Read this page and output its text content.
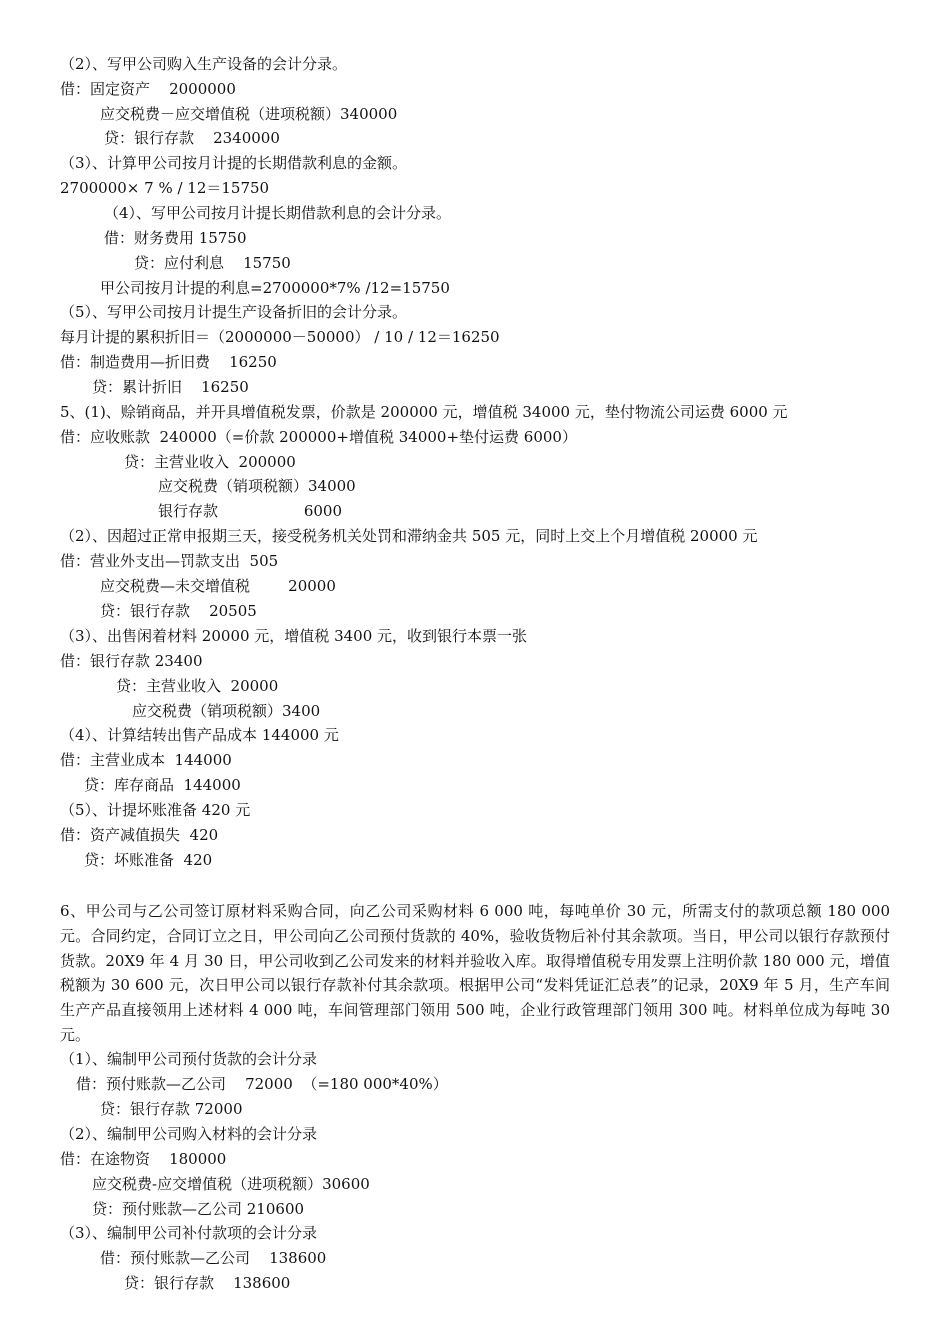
（2）、写甲公司购入生产设备的会计分录。
借：固定资产    2000000
应交税费－应交增值税（进项税额）340000
贷：银行存款    2340000
（3）、计算甲公司按月计提的长期借款利息的金额。
2700000× 7 % / 12＝15750
（4）、写甲公司按月计提长期借款利息的会计分录。
借：财务费用 15750
贷：应付利息    15750
甲公司按月计提的利息=2700000*7% /12=15750
（5）、写甲公司按月计提生产设备折旧的会计分录。
每月计提的累积折旧＝（2000000－50000） / 10 / 12＝16250
借：制造费用—折旧费    16250
贷：累计折旧    16250
5、(1)、赊销商品，并开具增值税发票，价款是 200000 元，增值税 34000 元，垫付物流公司运费 6000 元
借：应收账款  240000（=价款 200000+增值税 34000+垫付运费 6000）
贷：主营业收入  200000
应交税费（销项税额）34000
银行存款                  6000
（2）、因超过正常申报期三天，接受税务机关处罚和滞纳金共 505 元，同时上交上个月增值税 20000 元
借：营业外支出—罚款支出  505
应交税费—未交增值税        20000
贷：银行存款    20505
（3）、出售闲着材料 20000 元，增值税 3400 元，收到银行本票一张
借：银行存款 23400
贷：主营业收入  20000
应交税费（销项税额）3400
（4）、计算结转出售产品成本 144000 元
借：主营业成本  144000
贷：库存商品  144000
（5）、计提坏账准备 420 元
借：资产减值损失  420
贷：坏账准备  420
6、甲公司与乙公司签订原材料采购合同，向乙公司采购材料 6 000 吨，每吨单价 30 元，所需支付的款项总额 180 000 元。合同约定，合同订立之日，甲公司向乙公司预付货款的 40%，验收货物后补付其余款项。当日，甲公司以银行存款预付货款。20X9 年 4 月 30 日，甲公司收到乙公司发来的材料并验收入库。取得增值税专用发票上注明价款 180 000 元，增值税额为 30 600 元，次日甲公司以银行存款补付其余款项。根据甲公司“发料凭证汇总表”的记录，20X9 年 5 月，生产车间生产产品直接领用上述材料 4 000 吨，车间管理部门领用 500 吨，企业行政管理部门领用 300 吨。材料单位成为每吨 30 元。
（1）、编制甲公司预付货款的会计分录
借：预付账款—乙公司    72000  （=180 000*40%）
贷：银行存款 72000
（2）、编制甲公司购入材料的会计分录
借：在途物资    180000
应交税费-应交增值税（进项税额）30600
贷：预付账款—乙公司 210600
（3）、编制甲公司补付款项的会计分录
借：预付账款—乙公司    138600
贷：银行存款    138600
